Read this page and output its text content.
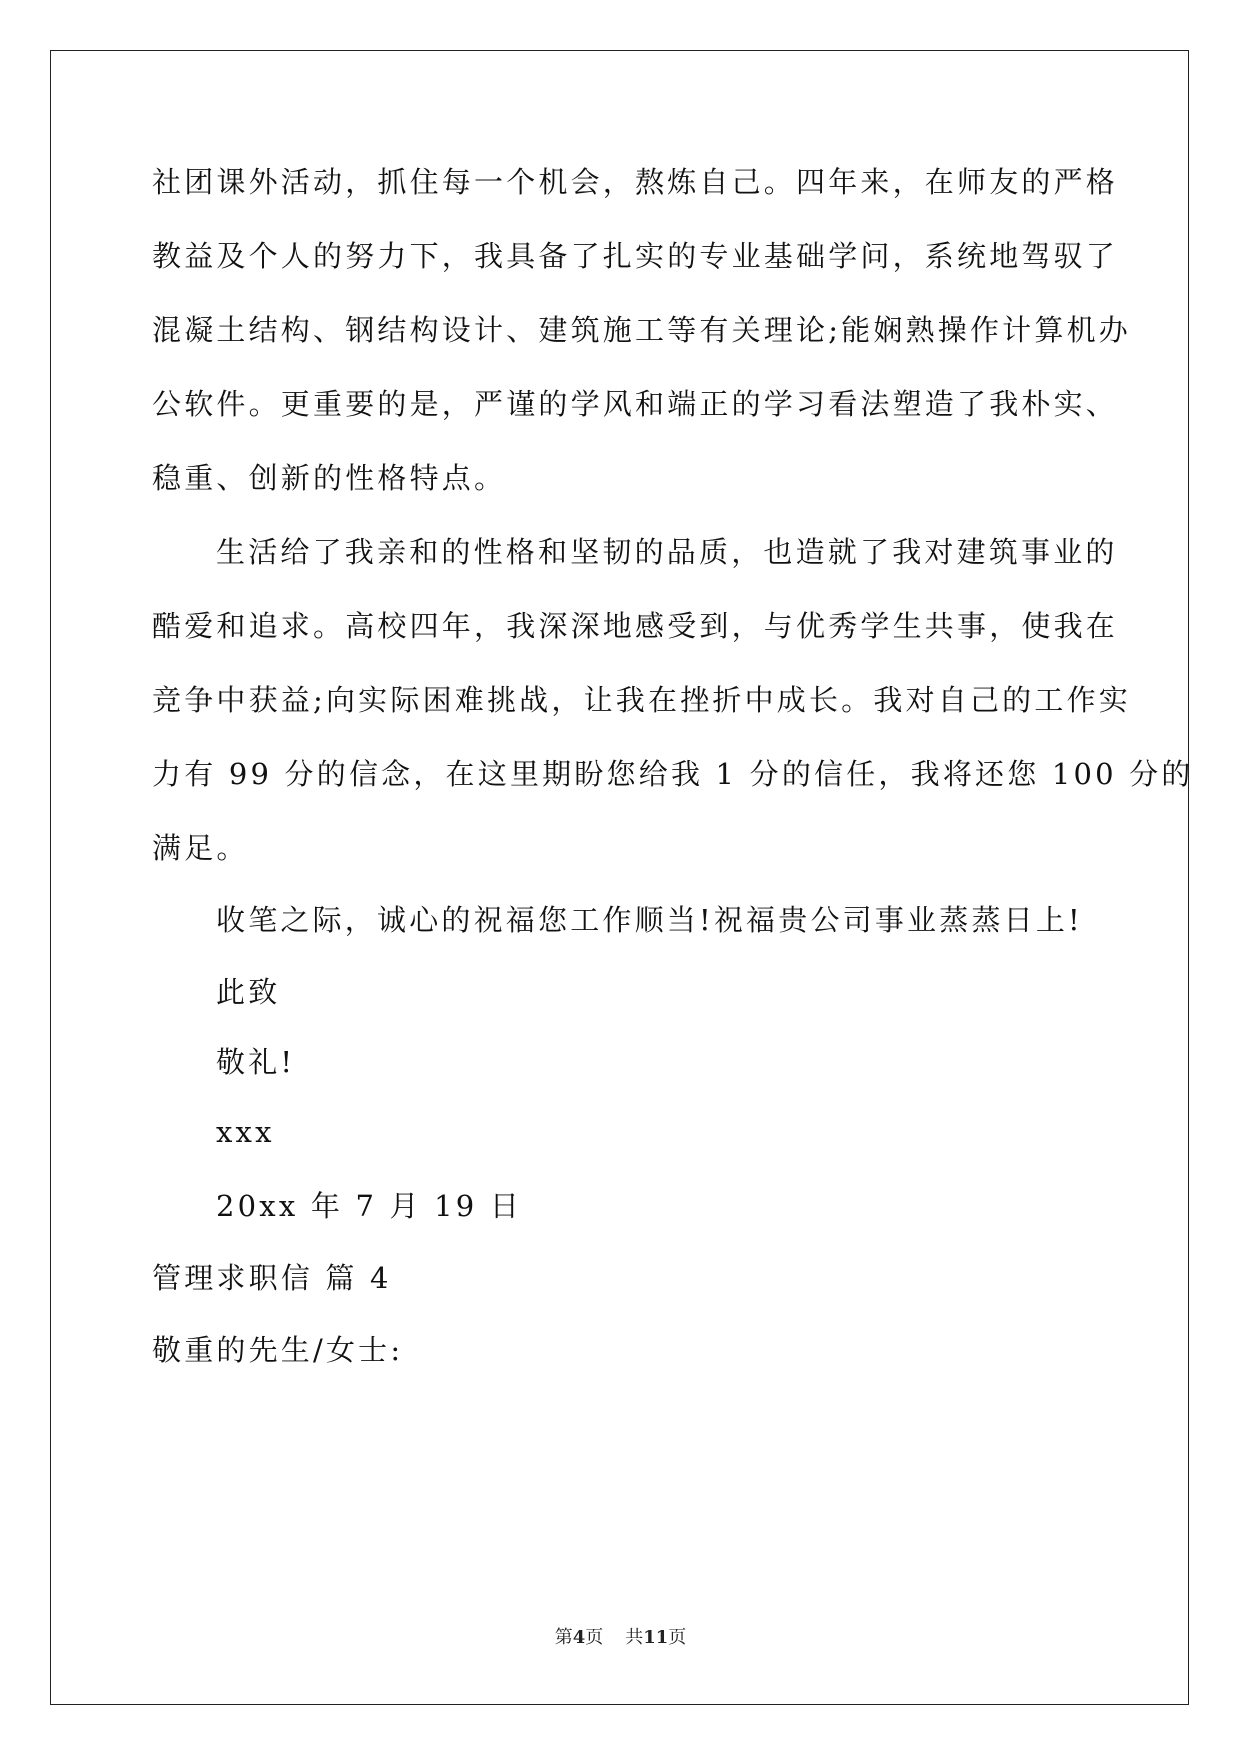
社团课外活动，抓住每一个机会，熬炼自己。四年来，在师友的严格
教益及个人的努力下，我具备了扎实的专业基础学问，系统地驾驭了
混凝土结构、钢结构设计、建筑施工等有关理论;能娴熟操作计算机办
公软件。更重要的是，严谨的学风和端正的学习看法塑造了我朴实、
稳重、创新的性格特点。
生活给了我亲和的性格和坚韧的品质，也造就了我对建筑事业的
酷爱和追求。高校四年，我深深地感受到，与优秀学生共事，使我在
竞争中获益;向实际困难挑战，让我在挫折中成长。我对自己的工作实
力有 99 分的信念，在这里期盼您给我 1 分的信任，我将还您 100 分的
满足。
收笔之际，诚心的祝福您工作顺当!祝福贵公司事业蒸蒸日上!
此致
敬礼!
xxx
20xx 年 7 月 19 日
管理求职信 篇 4
敬重的先生/女士:
第4页 共11页
